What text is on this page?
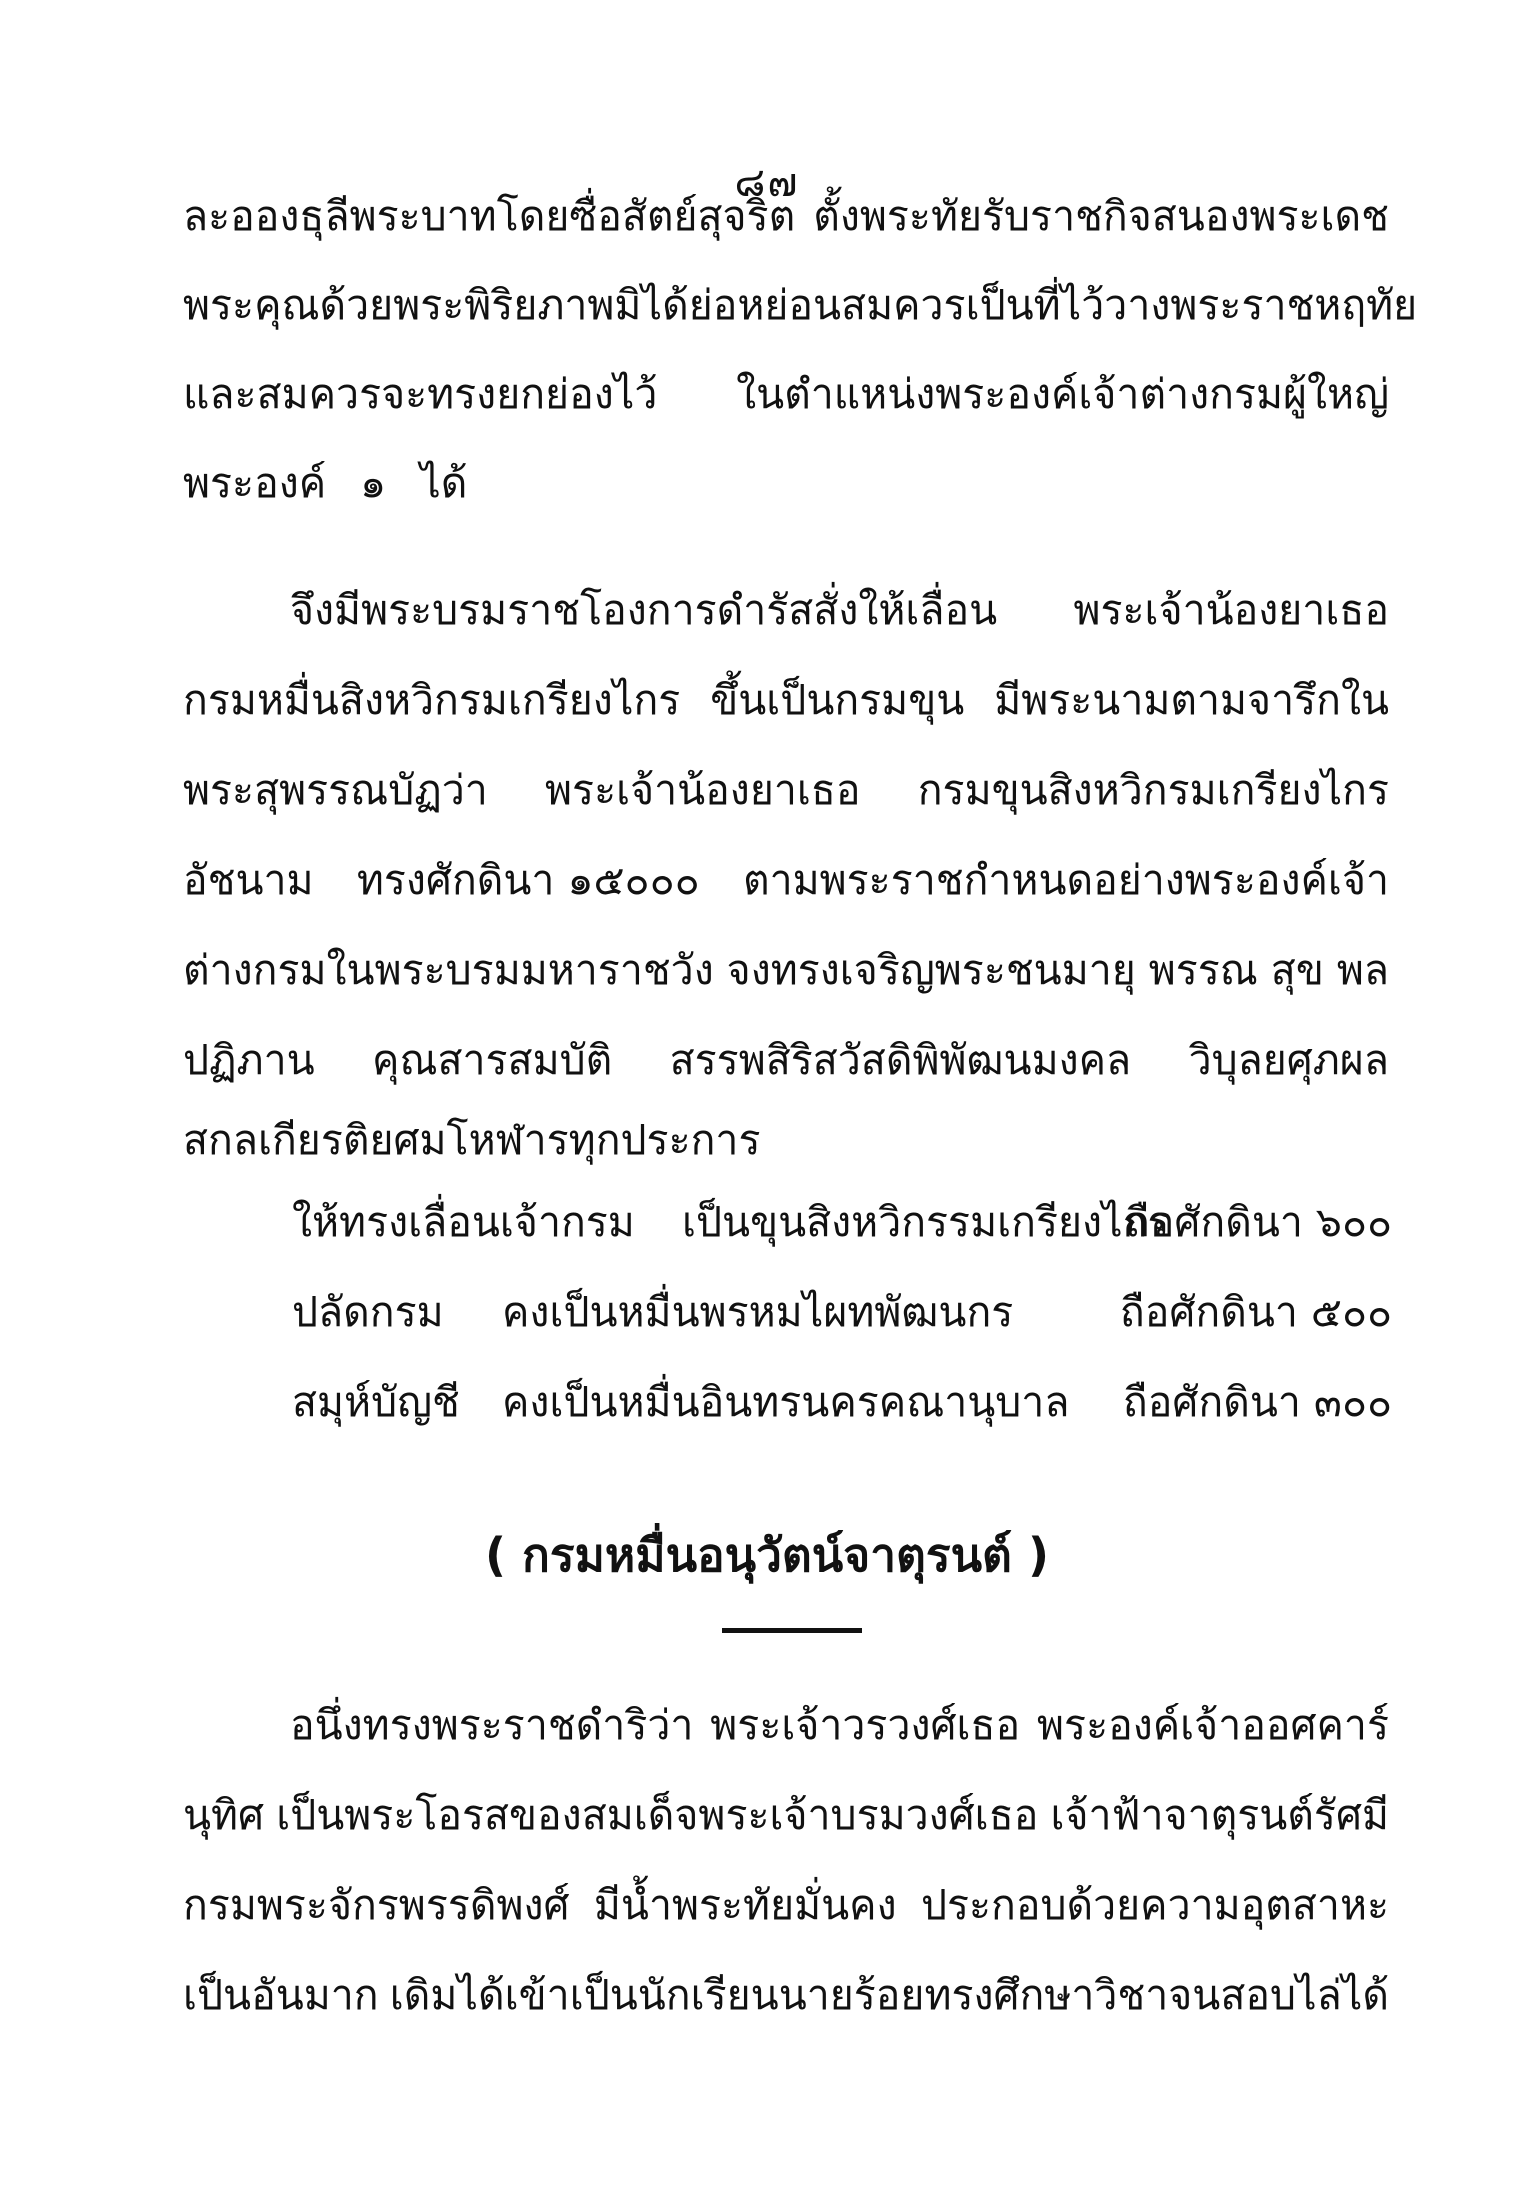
๘๗
ละอองธุลีพระบาทโดยซื่อสัตย์สุจริต ตั้งพระทัยรับราชกิจสนองพระเดช
พระคุณด้วยพระพิริยภาพมิได้ย่อหย่อน สมควรเป็นที่ไว้วางพระราชหฤทัย
และสมควรจะทรงยกย่องไว้ ในตำแหน่งพระองค์เจ้าต่างกรมผู้ใหญ่
พระองค์ ๑ ได้
จึงมีพระบรมราชโองการดำรัสสั่งให้เลื่อน พระเจ้าน้องยาเธอ
กรมหมื่นสิงหวิกรมเกรียงไกร ขึ้นเป็นกรมขุน มีพระนามตามจารึกใน
พระสุพรรณบัฏว่า พระเจ้าน้องยาเธอ กรมขุนสิงหวิกรมเกรียงไกร
อัชนาม ทรงศักดินา ๑๕๐๐๐ ตามพระราชกำหนดอย่างพระองค์เจ้า
ต่างกรมในพระบรมมหาราชวัง จงทรงเจริญพระชนมายุ พรรณ สุข พล
ปฏิภาน คุณสารสมบัติ สรรพสิริสวัสดิพิพัฒนมงคล วิบุลยศุภผล
สกลเกียรติยศมโหฬารทุกประการ
ให้ทรงเลื่อนเจ้ากรม เป็นขุนสิงหวิกรรมเกรียงไกร
ถือศักดินา ๖๐๐
ปลัดกรม คงเป็นหมื่นพรหมไผทพัฒนกร	ถือศักดินา ๕๐๐
สมุห์บัญชี คงเป็นหมื่นอินทรนครคณานุบาล ถือศักดินา ๓๐๐
( กรมหมื่นอนุวัตน์จาตุรนต์ )
อนึ่งทรงพระราชดำริว่า พระเจ้าวรวงศ์เธอ พระองค์เจ้าออศคาร์
นุทิศ เป็นพระโอรสของสมเด็จพระเจ้าบรมวงศ์เธอ เจ้าฟ้าจาตุรนต์รัศมี
กรมพระจักรพรรดิพงศ์ มีน้ำพระทัยมั่นคง ประกอบด้วยความอุตสาหะ
เป็นอันมาก เดิมได้เข้าเป็นนักเรียนนายร้อยทรงศึกษาวิชาจนสอบไล่ได้
